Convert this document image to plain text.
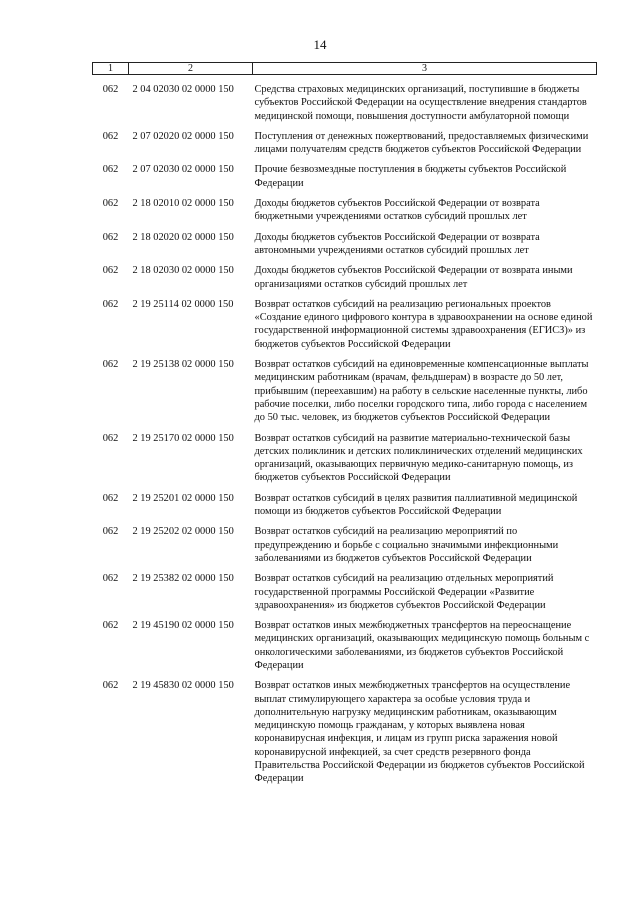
14
1	2	3
062	2 04 02030 02 0000 150	Средства страховых медицинских организаций, поступившие в бюджеты субъектов Российской Федерации на осуществление внедрения стандартов медицинской помощи, повышения доступности амбулаторной помощи
062	2 07 02020 02 0000 150	Поступления от денежных пожертвований, предоставляемых физическими лицами получателям средств бюджетов субъектов Российской Федерации
062	2 07 02030 02 0000 150	Прочие безвозмездные поступления в бюджеты субъектов Российской Федерации
062	2 18 02010 02 0000 150	Доходы бюджетов субъектов Российской Федерации от возврата бюджетными учреждениями остатков субсидий прошлых лет
062	2 18 02020 02 0000 150	Доходы бюджетов субъектов Российской Федерации от возврата автономными учреждениями остатков субсидий прошлых лет
062	2 18 02030 02 0000 150	Доходы бюджетов субъектов Российской Федерации от возврата иными организациями остатков субсидий прошлых лет
062	2 19 25114 02 0000 150	Возврат остатков субсидий на реализацию региональных проектов «Создание единого цифрового контура в здравоохранении на основе единой государственной информационной системы здравоохранения (ЕГИСЗ)» из бюджетов субъектов Российской Федерации
062	2 19 25138 02 0000 150	Возврат остатков субсидий на единовременные компенсационные выплаты медицинским работникам (врачам, фельдшерам) в возрасте до 50 лет, прибывшим (переехавшим) на работу в сельские населенные пункты, либо рабочие поселки, либо поселки городского типа, либо города с населением до 50 тыс. человек, из бюджетов субъектов Российской Федерации
062	2 19 25170 02 0000 150	Возврат остатков субсидий на развитие материально-технической базы детских поликлиник и детских поликлинических отделений медицинских организаций, оказывающих первичную медико-санитарную помощь, из бюджетов субъектов Российской Федерации
062	2 19 25201 02 0000 150	Возврат остатков субсидий в целях развития паллиативной медицинской помощи из бюджетов субъектов Российской Федерации
062	2 19 25202 02 0000 150	Возврат остатков субсидий на реализацию мероприятий по предупреждению и борьбе с социально значимыми инфекционными заболеваниями из бюджетов субъектов Российской Федерации
062	2 19 25382 02 0000 150	Возврат остатков субсидий на реализацию отдельных мероприятий государственной программы Российской Федерации «Развитие здравоохранения» из бюджетов субъектов Российской Федерации
062	2 19 45190 02 0000 150	Возврат остатков иных межбюджетных трансфертов на переоснащение медицинских организаций, оказывающих медицинскую помощь больным с онкологическими заболеваниями, из бюджетов субъектов Российской Федерации
062	2 19 45830 02 0000 150	Возврат остатков иных межбюджетных трансфертов на осуществление выплат стимулирующего характера за особые условия труда и дополнительную нагрузку медицинским работникам, оказывающим медицинскую помощь гражданам, у которых выявлена новая коронавирусная инфекция, и лицам из групп риска заражения новой коронавирусной инфекцией, за счет средств резервного фонда Правительства Российской Федерации из бюджетов субъектов Российской Федерации
